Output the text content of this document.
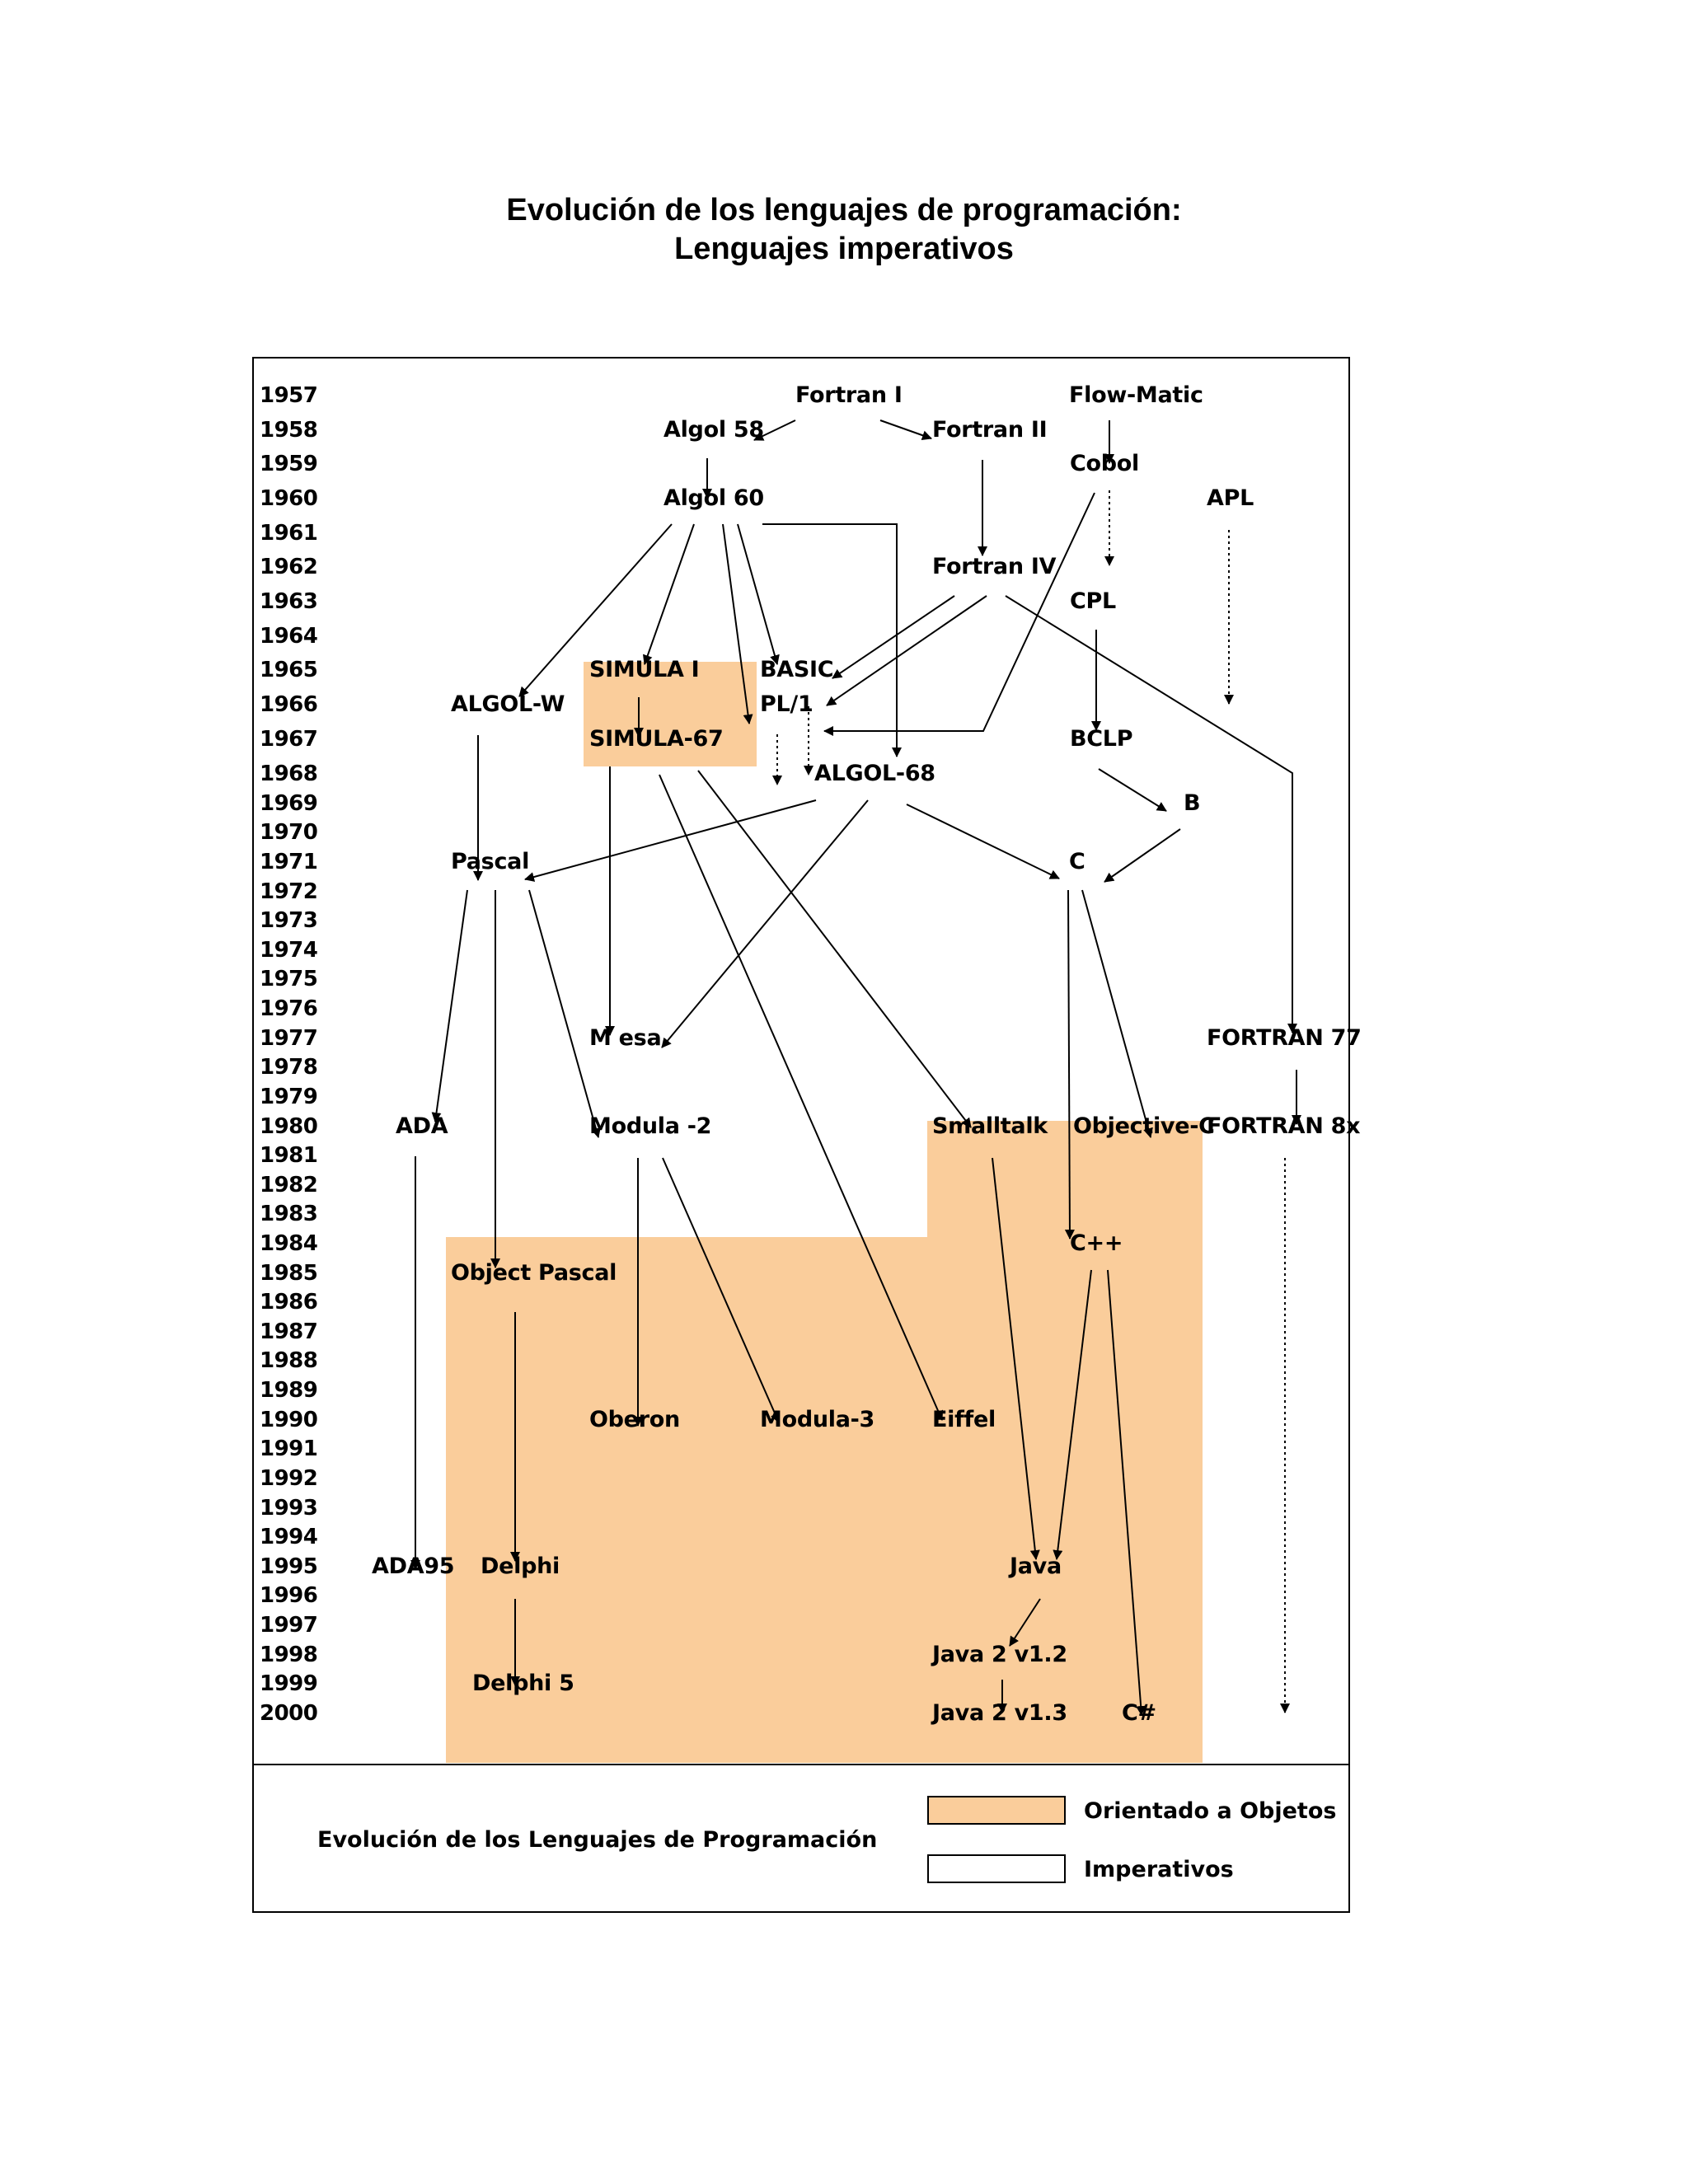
Evolución de los lenguajes de programación:
Lenguajes imperativos
1957
1958
1959
1960
1961
1962
1963
1964
1965
1966
1967
1968
1969
1970
1971
1972
1973
1974
1975
1976
1977
1978
1979
1980
1981
1982
1983
1984
1985
1986
1987
1988
1989
1990
1991
1992
1993
1994
1995
1996
1997
1998
1999
2000
Fortran I	Flow-Matic
Algol 58	Fortran II
Cobol
Algol 60	APL
Fortran IV
CPL
SIMULA I	BASIC
ALGOL-W	PL/1
SIMULA-67	BCLP
ALGOL-68
B
Pascal	C
M esa	FORTRAN 77
ADA	Modula -2	Smalltalk Objective-C
FORTRAN 8x
C++
Object Pascal
Oberon	Modula-3	Eiffel
ADA95 Delphi	Java
Java 2 v1.2
Delphi 5
Java 2 v1.3 C#
Evolución de los Lenguajes de Programación
Orientado a Objetos
Imperativos
